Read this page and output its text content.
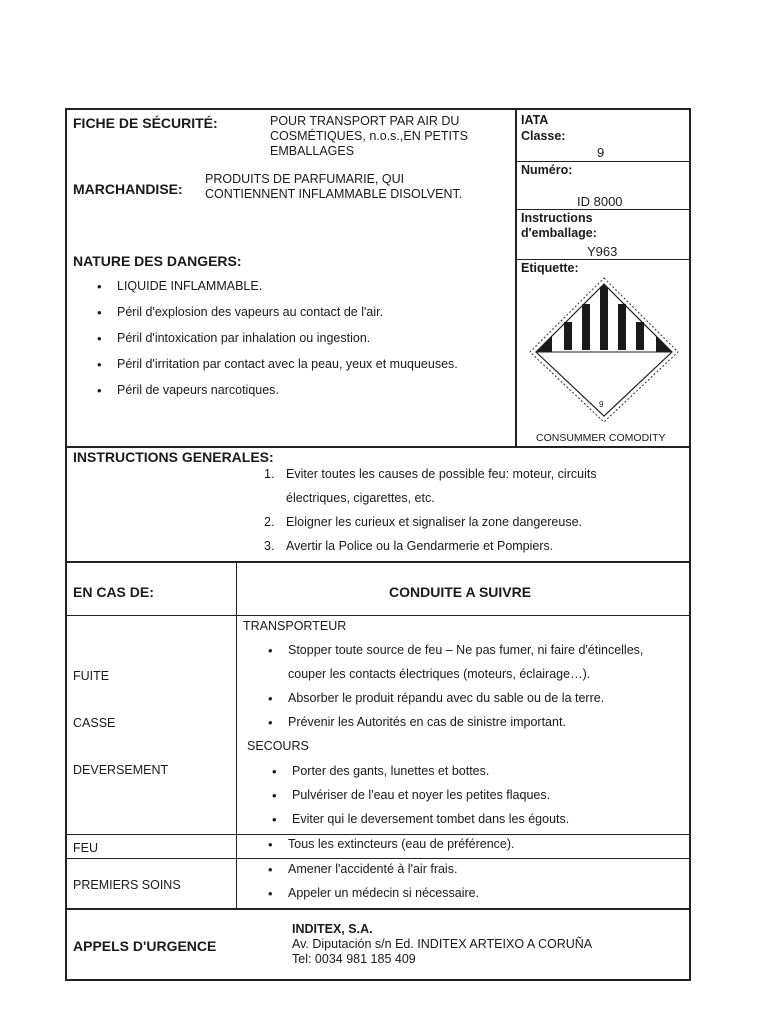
FICHE DE SÉCURITÉ:	POUR TRANSPORT PAR AIR DU
COSMÉTIQUES, n.o.s.,EN PETITS
EMBALLAGES
MARCHANDISE:
PRODUITS DE PARFUMARIE, QUI
CONTIENNENT INFLAMMABLE DISOLVENT.
NATURE DES DANGERS:
• LIQUIDE INFLAMMABLE.
• Péril d'explosion des vapeurs au contact de l'air.
• Péril d'intoxication par inhalation ou ingestion.
• Péril d'irritation par contact avec la peau, yeux et muqueuses.
• Péril de vapeurs narcotiques.
IATA
Classe:
9
Numéro:
ID 8000
Instructions
d'emballage:
Y963
Etiquette:
9
CONSUMMER COMODITY
INSTRUCTIONS GENERALES:
1. Eviter toutes les causes de possible feu: moteur, circuits
électriques, cigarettes, etc.
2. Eloigner les curieux et signaliser la zone dangereuse.
3. Avertir la Police ou la Gendarmerie et Pompiers.
EN CAS DE:	CONDUITE A SUIVRE
FUITE
CASSE
DEVERSEMENT
TRANSPORTEUR
• Stopper toute source de feu – Ne pas fumer, ni faire d'étincelles,
couper les contacts électriques (moteurs, éclairage…).
• Absorber le produit répandu avec du sable ou de la terre.
• Prévenir les Autorités en cas de sinistre important.
SECOURS
• Porter des gants, lunettes et bottes.
• Pulvériser de l'eau et noyer les petites flaques.
• Eviter qui le deversement tombet dans les égouts.
FEU
•	Tous les extincteurs (eau de préférence).
PREMIERS SOINS
• Amener l'accidenté à l'air frais.
• Appeler un médecin si nécessaire.
APPELS D'URGENCE
INDITEX, S.A.
Av. Diputación s/n Ed. INDITEX ARTEIXO A CORUÑA
Tel: 0034 981 185 409
